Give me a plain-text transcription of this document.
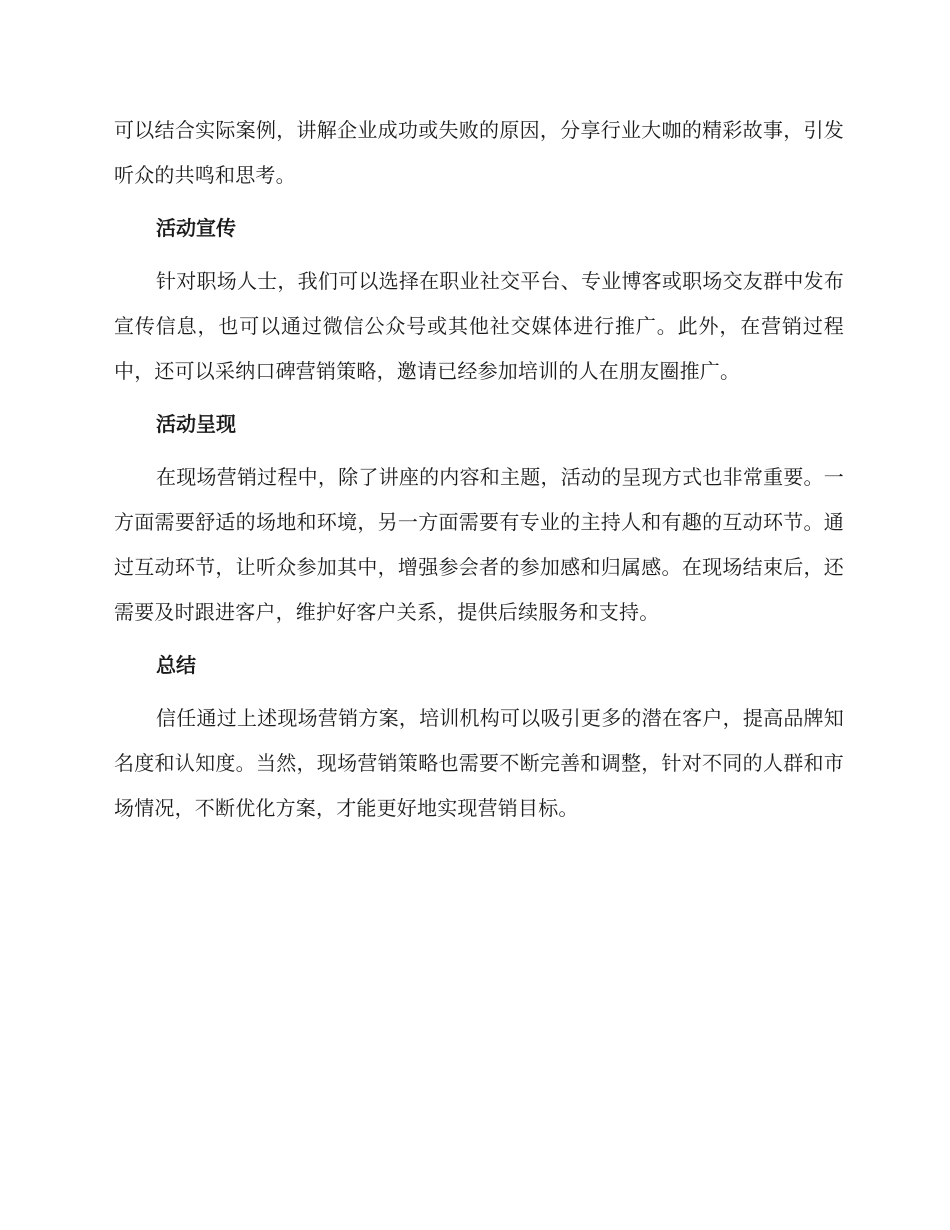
可以结合实际案例，讲解企业成功或失败的原因，分享行业大咖的精彩故事，引发听众的共鸣和思考。

活动宣传

针对职场人士，我们可以选择在职业社交平台、专业博客或职场交友群中发布宣传信息，也可以通过微信公众号或其他社交媒体进行推广。此外，在营销过程中，还可以采纳口碑营销策略，邀请已经参加培训的人在朋友圈推广。

活动呈现

在现场营销过程中，除了讲座的内容和主题，活动的呈现方式也非常重要。一方面需要舒适的场地和环境，另一方面需要有专业的主持人和有趣的互动环节。通过互动环节，让听众参加其中，增强参会者的参加感和归属感。在现场结束后，还需要及时跟进客户，维护好客户关系，提供后续服务和支持。

总结

信任通过上述现场营销方案，培训机构可以吸引更多的潜在客户，提高品牌知名度和认知度。当然，现场营销策略也需要不断完善和调整，针对不同的人群和市场情况，不断优化方案，才能更好地实现营销目标。
